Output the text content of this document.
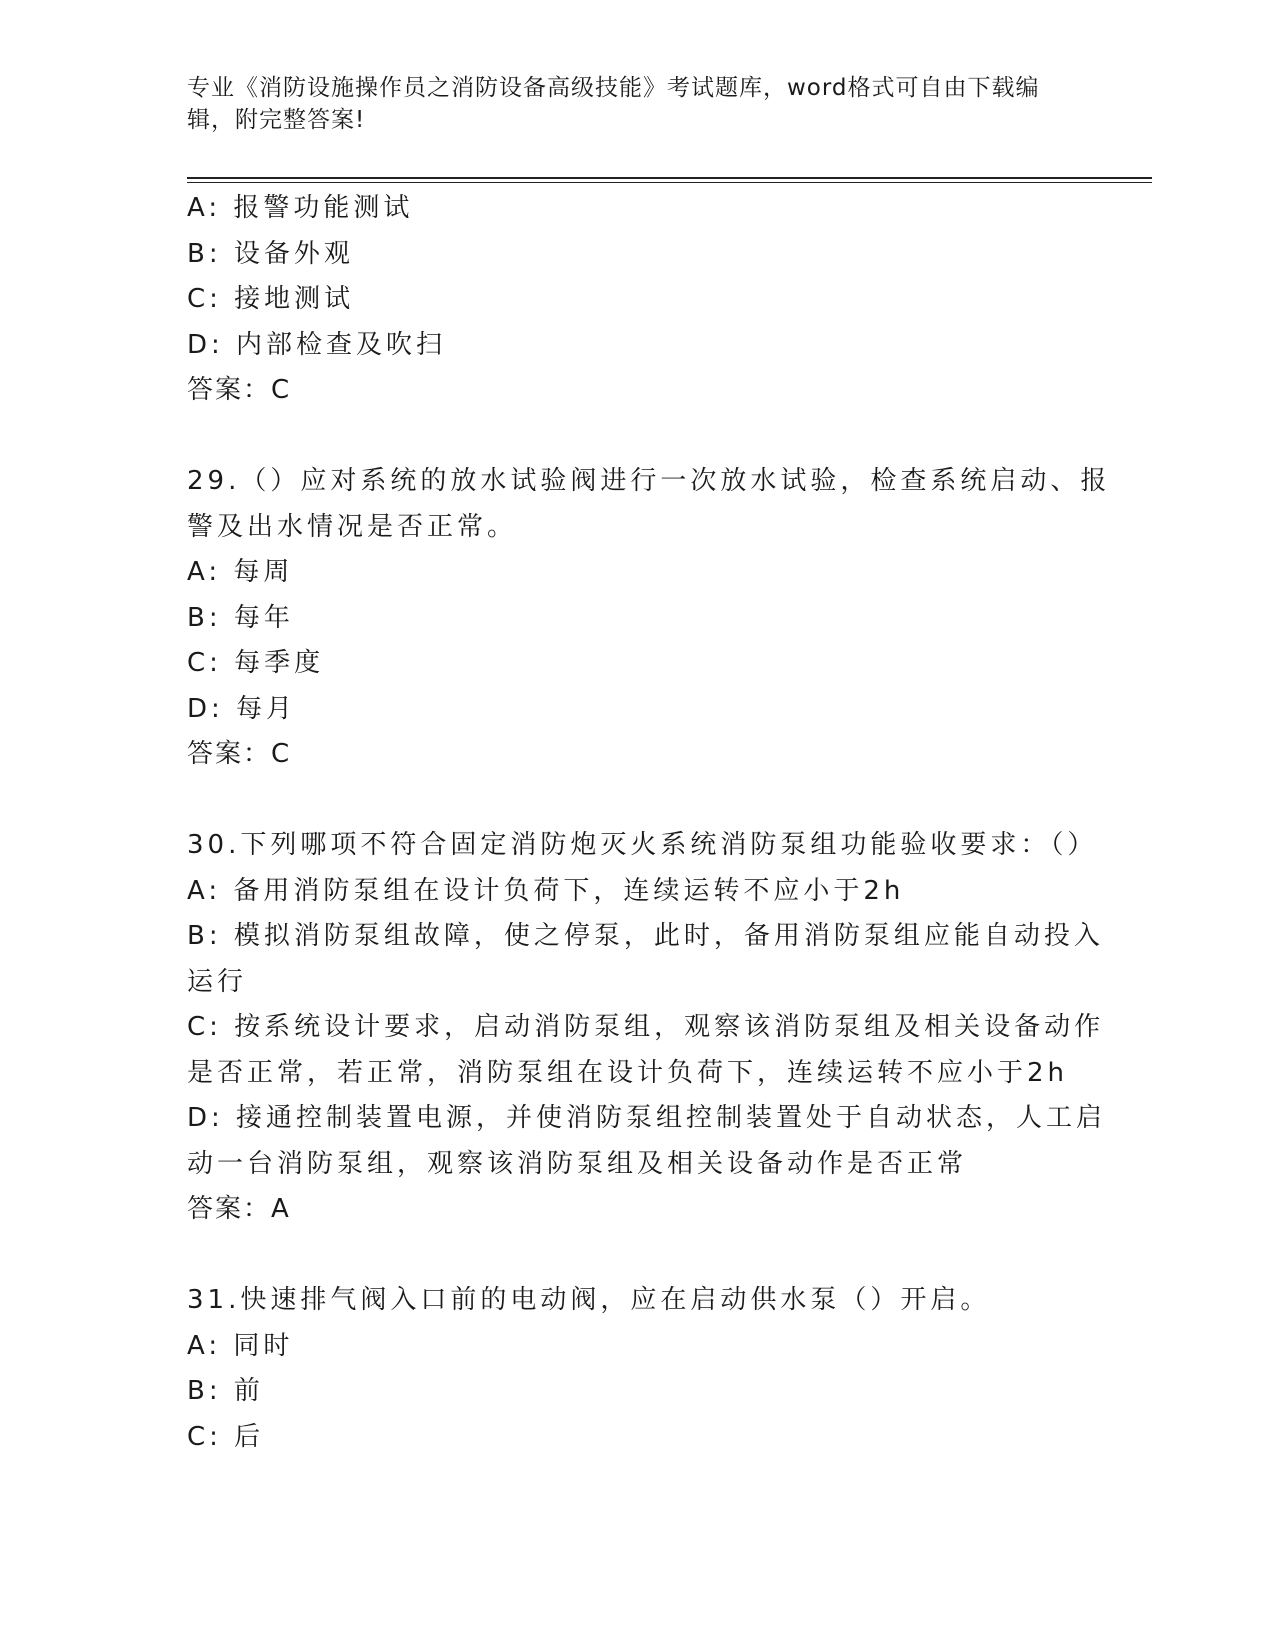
专业《消防设施操作员之消防设备高级技能》考试题库，word格式可自由下载编

辑，附完整答案!

A: 报警功能测试

B: 设备外观

C: 接地测试

D: 内部检查及吹扫

答案：C

29.（）应对系统的放水试验阀进行一次放水试验，检查系统启动、报

警及出水情况是否正常。

A: 每周

B: 每年

C: 每季度

D: 每月

答案：C

30.下列哪项不符合固定消防炮灭火系统消防泵组功能验收要求：（）

A: 备用消防泵组在设计负荷下，连续运转不应小于2h

B: 模拟消防泵组故障，使之停泵，此时，备用消防泵组应能自动投入

运行

C: 按系统设计要求，启动消防泵组，观察该消防泵组及相关设备动作

是否正常，若正常，消防泵组在设计负荷下，连续运转不应小于2h

D: 接通控制装置电源，并使消防泵组控制装置处于自动状态，人工启

动一台消防泵组，观察该消防泵组及相关设备动作是否正常

答案：A

31.快速排气阀入口前的电动阀，应在启动供水泵（）开启。

A: 同时

B: 前

C: 后
